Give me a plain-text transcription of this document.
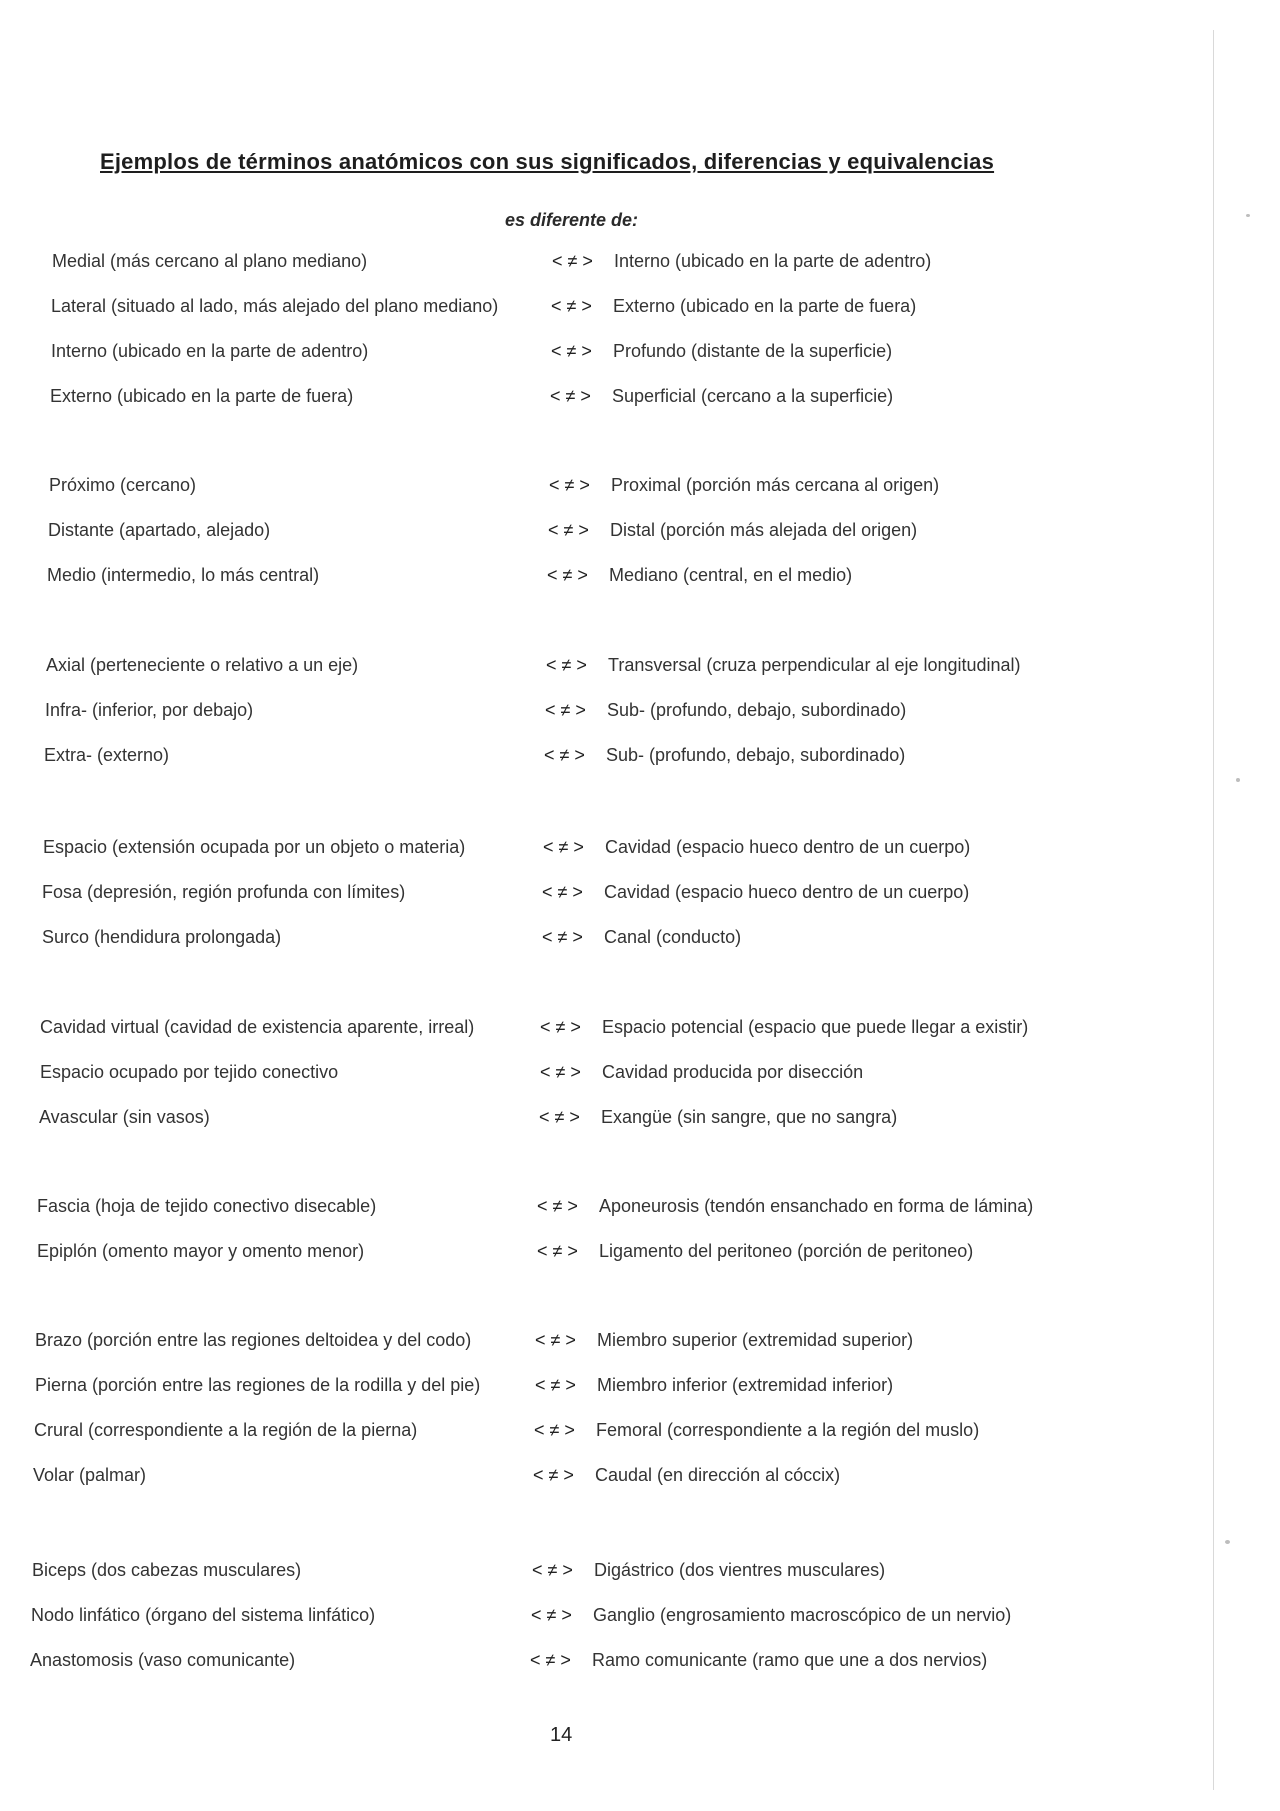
Ejemplos de términos anatómicos con sus significados, diferencias y equivalencias
es diferente de:
Medial (más cercano al plano mediano)	< ≠ > Interno (ubicado en la parte de adentro)
Lateral (situado al lado, más alejado del plano mediano)	< ≠ > Externo (ubicado en la parte de fuera)
Interno (ubicado en la parte de adentro)	< ≠ > Profundo (distante de la superficie)
Externo (ubicado en la parte de fuera)	< ≠ > Superficial (cercano a la superficie)
Próximo (cercano)	< ≠ > Proximal (porción más cercana al origen)
Distante (apartado, alejado)	< ≠ > Distal (porción más alejada del origen)
Medio (intermedio, lo más central)	< ≠ > Mediano (central, en el medio)
Axial (perteneciente o relativo a un eje)	< ≠ > Transversal (cruza perpendicular al eje longitudinal)
Infra- (inferior, por debajo)	< ≠ > Sub- (profundo, debajo, subordinado)
Extra- (externo)	< ≠ > Sub- (profundo, debajo, subordinado)
Espacio (extensión ocupada por un objeto o materia)	< ≠ > Cavidad (espacio hueco dentro de un cuerpo)
Fosa (depresión, región profunda con límites)	< ≠ > Cavidad (espacio hueco dentro de un cuerpo)
Surco (hendidura prolongada)	< ≠ > Canal (conducto)
Cavidad virtual (cavidad de existencia aparente, irreal)	< ≠ > Espacio potencial (espacio que puede llegar a existir)
Espacio ocupado por tejido conectivo	< ≠ > Cavidad producida por disección
Avascular (sin vasos)	< ≠ > Exangüe (sin sangre, que no sangra)
Fascia (hoja de tejido conectivo disecable)	< ≠ > Aponeurosis (tendón ensanchado en forma de lámina)
Epiplón (omento mayor y omento menor)	< ≠ > Ligamento del peritoneo (porción de peritoneo)
Brazo (porción entre las regiones deltoidea y del codo)	< ≠ > Miembro superior (extremidad superior)
Pierna (porción entre las regiones de la rodilla y del pie)	< ≠ > Miembro inferior (extremidad inferior)
Crural (correspondiente a la región de la pierna)	< ≠ > Femoral (correspondiente a la región del muslo)
Volar (palmar)	< ≠ > Caudal (en dirección al cóccix)
Biceps (dos cabezas musculares)	< ≠ > Digástrico (dos vientres musculares)
Nodo linfático (órgano del sistema linfático)	< ≠ > Ganglio (engrosamiento macroscópico de un nervio)
Anastomosis (vaso comunicante)	< ≠ > Ramo comunicante (ramo que une a dos nervios)
14
